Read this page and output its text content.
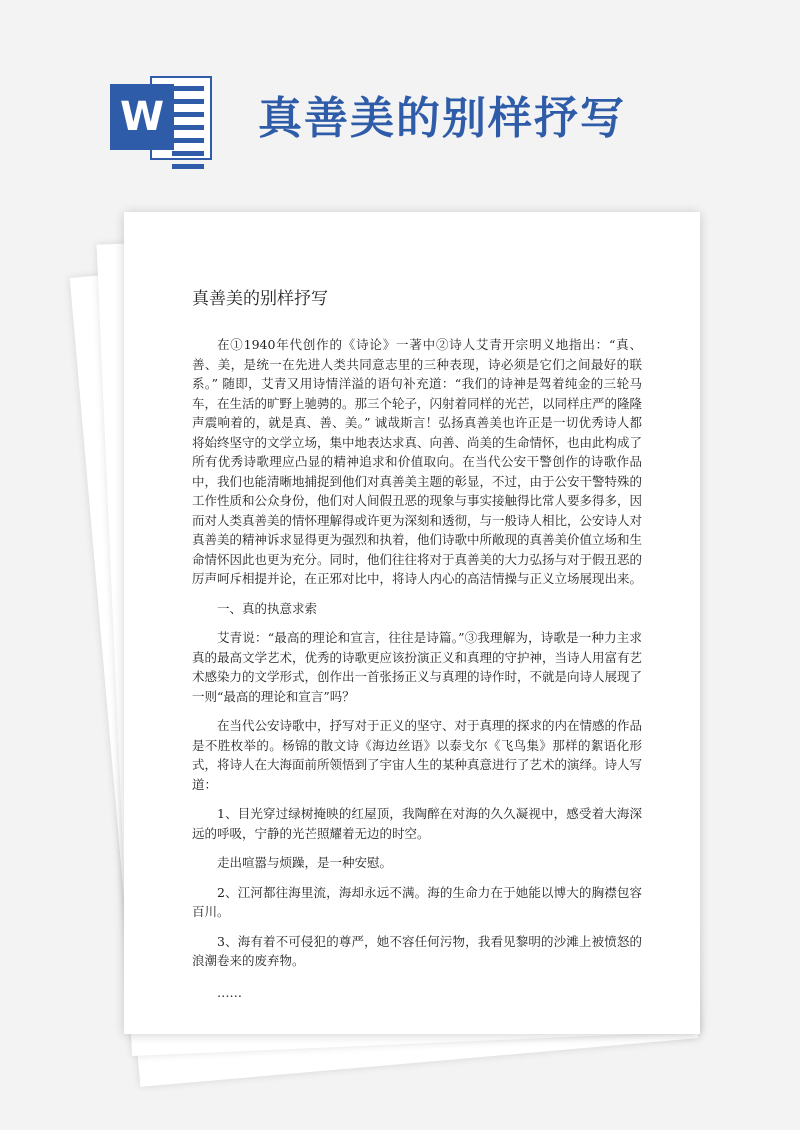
W 真善美的别样抒写
真善美的别样抒写

在①1940年代创作的《诗论》一著中②诗人艾青开宗明义地指出：“真、善、美，是统一在先进人类共同意志里的三种表现，诗必须是它们之间最好的联系。” 随即，艾青又用诗情洋溢的语句补充道：“我们的诗神是驾着纯金的三轮马车，在生活的旷野上驰骋的。那三个轮子，闪射着同样的光芒，以同样庄严的隆隆声震响着的，就是真、善、美。” 诚哉斯言！弘扬真善美也许正是一切优秀诗人都将始终坚守的文学立场，集中地表达求真、向善、尚美的生命情怀，也由此构成了所有优秀诗歌理应凸显的精神追求和价值取向。在当代公安干警创作的诗歌作品中，我们也能清晰地捕捉到他们对真善美主题的彰显，不过，由于公安干警特殊的工作性质和公众身份，他们对人间假丑恶的现象与事实接触得比常人要多得多，因而对人类真善美的情怀理解得或许更为深刻和透彻，与一般诗人相比，公安诗人对真善美的精神诉求显得更为强烈和执着，他们诗歌中所敞现的真善美价值立场和生命情怀因此也更为充分。同时，他们往往将对于真善美的大力弘扬与对于假丑恶的厉声呵斥相提并论，在正邪对比中，将诗人内心的高洁情操与正义立场展现出来。

一、真的执意求索

艾青说：“最高的理论和宣言，往往是诗篇。”③我理解为，诗歌是一种力主求真的最高文学艺术，优秀的诗歌更应该扮演正义和真理的守护神，当诗人用富有艺术感染力的文学形式，创作出一首张扬正义与真理的诗作时，不就是向诗人展现了一则“最高的理论和宣言”吗？

在当代公安诗歌中，抒写对于正义的坚守、对于真理的探求的内在情感的作品是不胜枚举的。杨锦的散文诗《海边丝语》以泰戈尔《飞鸟集》那样的絮语化形式，将诗人在大海面前所领悟到了宇宙人生的某种真意进行了艺术的演绎。诗人写道：

1、目光穿过绿树掩映的红屋顶，我陶醉在对海的久久凝视中，感受着大海深远的呼吸，宁静的光芒照耀着无边的时空。

走出喧嚣与烦躁，是一种安慰。

2、江河都往海里流，海却永远不满。海的生命力在于她能以博大的胸襟包容百川。

3、海有着不可侵犯的尊严，她不容任何污物，我看见黎明的沙滩上被愤怒的浪潮卷来的废弃物。

……
